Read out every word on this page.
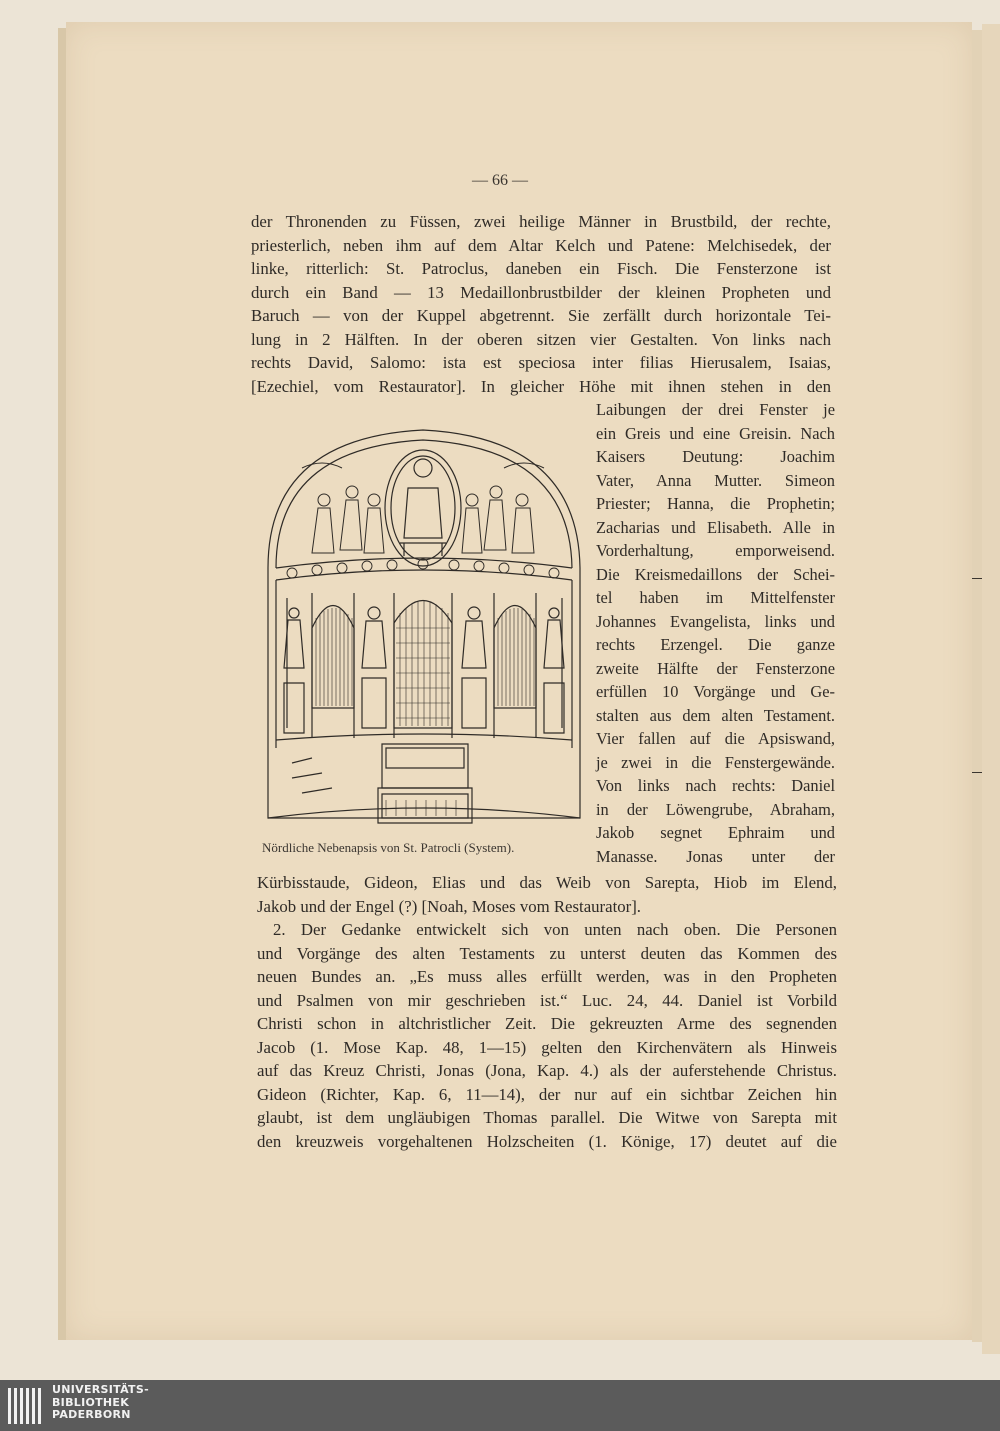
— 66 —
der Thronenden zu Füssen, zwei heilige Männer in Brustbild, der rechte,
priesterlich, neben ihm auf dem Altar Kelch und Patene: Melchisedek, der
linke, ritterlich: St. Patroclus, daneben ein Fisch. Die Fensterzone ist
durch ein Band — 13 Medaillonbrustbilder der kleinen Propheten und
Baruch — von der Kuppel abgetrennt. Sie zerfällt durch horizontale Tei-
lung in 2 Hälften. In der oberen sitzen vier Gestalten. Von links nach
rechts David, Salomo: ista est speciosa inter filias Hierusalem, Isaias,
[Ezechiel, vom Restaurator]. In gleicher Höhe mit ihnen stehen in den
Laibungen der drei Fenster je
ein Greis und eine Greisin. Nach
Kaisers Deutung: Joachim
Vater, Anna Mutter. Simeon
Priester; Hanna, die Prophetin;
Zacharias und Elisabeth. Alle in
Vorderhaltung, emporweisend.
Die Kreismedaillons der Schei-
tel haben im Mittelfenster
Johannes Evangelista, links und
rechts Erzengel. Die ganze
zweite Hälfte der Fensterzone
erfüllen 10 Vorgänge und Ge-
stalten aus dem alten Testament.
Vier fallen auf die Apsiswand,
je zwei in die Fenstergewände.
Von links nach rechts: Daniel
in der Löwengrube, Abraham,
Jakob segnet Ephraim und
Manasse. Jonas unter der
Kürbisstaude, Gideon, Elias und das Weib von Sarepta, Hiob im Elend,
Jakob und der Engel (?) [Noah, Moses vom Restaurator].
2. Der Gedanke entwickelt sich von unten nach oben. Die Personen
und Vorgänge des alten Testaments zu unterst deuten das Kommen des
neuen Bundes an. „Es muss alles erfüllt werden, was in den Propheten
und Psalmen von mir geschrieben ist.“ Luc. 24, 44. Daniel ist Vorbild
Christi schon in altchristlicher Zeit. Die gekreuzten Arme des segnenden
Jacob (1. Mose Kap. 48, 1—15) gelten den Kirchenvätern als Hinweis
auf das Kreuz Christi, Jonas (Jona, Kap. 4.) als der auferstehende Christus.
Gideon (Richter, Kap. 6, 11—14), der nur auf ein sichtbar Zeichen hin
glaubt, ist dem ungläubigen Thomas parallel. Die Witwe von Sarepta mit
den kreuzweis vorgehaltenen Holzscheiten (1. Könige, 17) deutet auf die
Nördliche Nebenapsis von St. Patrocli (System).
UNIVERSITÄTS-
BIBLIOTHEK
PADERBORN
